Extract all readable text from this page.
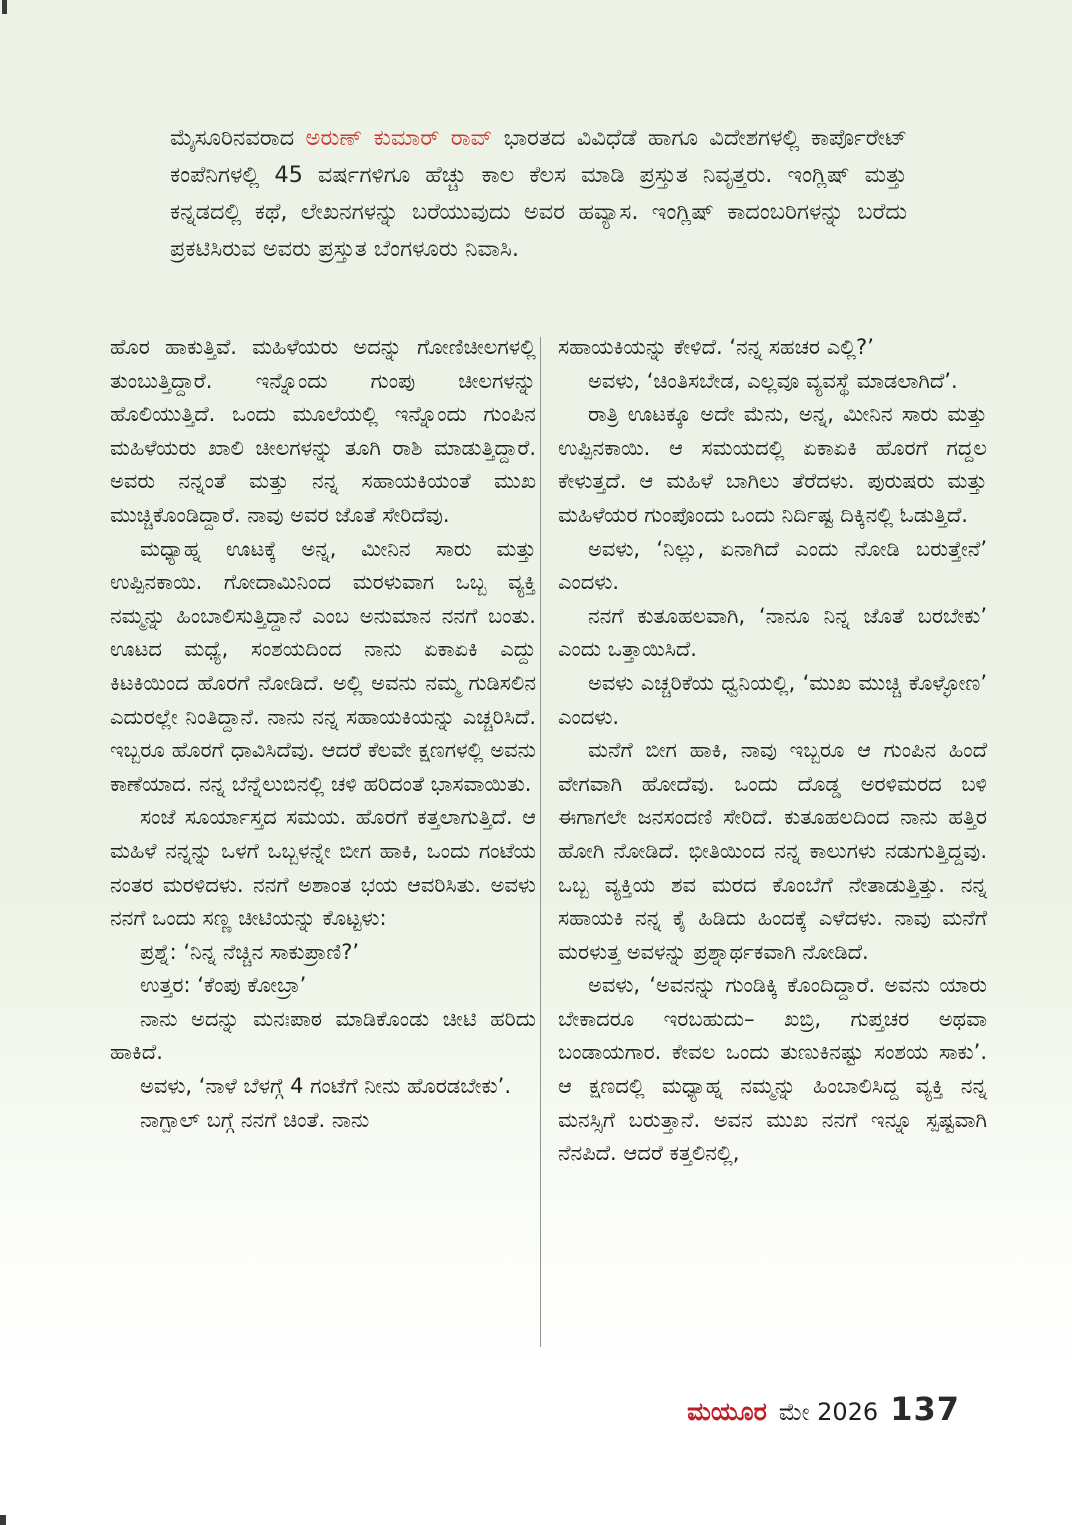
ಮೈಸೂರಿನವರಾದ ಅರುಣ್ ಕುಮಾರ್ ರಾವ್ ಭಾರತದ ವಿವಿಧೆಡೆ ಹಾಗೂ ವಿದೇಶಗಳಲ್ಲಿ ಕಾರ್ಪೊರೇಟ್ ಕಂಪೆನಿಗಳಲ್ಲಿ 45 ವರ್ಷಗಳಿಗೂ ಹೆಚ್ಚು ಕಾಲ ಕೆಲಸ ಮಾಡಿ ಪ್ರಸ್ತುತ ನಿವೃತ್ತರು. ಇಂಗ್ಲಿಷ್ ಮತ್ತು ಕನ್ನಡದಲ್ಲಿ ಕಥೆ, ಲೇಖನಗಳನ್ನು ಬರೆಯುವುದು ಅವರ ಹವ್ಯಾಸ. ಇಂಗ್ಲಿಷ್ ಕಾದಂಬರಿಗಳನ್ನು ಬರೆದು ಪ್ರಕಟಿಸಿರುವ ಅವರು ಪ್ರಸ್ತುತ ಬೆಂಗಳೂರು ನಿವಾಸಿ.

ಹೊರ ಹಾಕುತ್ತಿವೆ. ಮಹಿಳೆಯರು ಅದನ್ನು ಗೋಣಿಚೀಲಗಳಲ್ಲಿ ತುಂಬುತ್ತಿದ್ದಾರೆ. ಇನ್ನೊಂದು ಗುಂಪು ಚೀಲಗಳನ್ನು ಹೊಲಿಯುತ್ತಿದೆ. ಒಂದು ಮೂಲೆಯಲ್ಲಿ ಇನ್ನೊಂದು ಗುಂಪಿನ ಮಹಿಳೆಯರು ಖಾಲಿ ಚೀಲಗಳನ್ನು ತೂಗಿ ರಾಶಿ ಮಾಡುತ್ತಿದ್ದಾರೆ. ಅವರು ನನ್ನಂತೆ ಮತ್ತು ನನ್ನ ಸಹಾಯಕಿಯಂತೆ ಮುಖ ಮುಚ್ಚಿಕೊಂಡಿದ್ದಾರೆ. ನಾವು ಅವರ ಜೊತೆ ಸೇರಿದೆವು.

ಮಧ್ಯಾಹ್ನ ಊಟಕ್ಕೆ ಅನ್ನ, ಮೀನಿನ ಸಾರು ಮತ್ತು ಉಪ್ಪಿನಕಾಯಿ. ಗೋದಾಮಿನಿಂದ ಮರಳುವಾಗ ಒಬ್ಬ ವ್ಯಕ್ತಿ ನಮ್ಮನ್ನು ಹಿಂಬಾಲಿಸುತ್ತಿದ್ದಾನೆ ಎಂಬ ಅನುಮಾನ ನನಗೆ ಬಂತು. ಊಟದ ಮಧ್ಯೆ, ಸಂಶಯದಿಂದ ನಾನು ಏಕಾಏಕಿ ಎದ್ದು ಕಿಟಕಿಯಿಂದ ಹೊರಗೆ ನೋಡಿದೆ. ಅಲ್ಲಿ ಅವನು ನಮ್ಮ ಗುಡಿಸಲಿನ ಎದುರಲ್ಲೇ ನಿಂತಿದ್ದಾನೆ. ನಾನು ನನ್ನ ಸಹಾಯಕಿಯನ್ನು ಎಚ್ಚರಿಸಿದೆ. ಇಬ್ಬರೂ ಹೊರಗೆ ಧಾವಿಸಿದೆವು. ಆದರೆ ಕೆಲವೇ ಕ್ಷಣಗಳಲ್ಲಿ ಅವನು ಕಾಣೆಯಾದ. ನನ್ನ ಬೆನ್ನೆಲುಬಿನಲ್ಲಿ ಚಳಿ ಹರಿದಂತೆ ಭಾಸವಾಯಿತು.

ಸಂಜೆ ಸೂರ್ಯಾಸ್ತದ ಸಮಯ. ಹೊರಗೆ ಕತ್ತಲಾಗುತ್ತಿದೆ. ಆ ಮಹಿಳೆ ನನ್ನನ್ನು ಒಳಗೆ ಒಬ್ಬಳನ್ನೇ ಬೀಗ ಹಾಕಿ, ಒಂದು ಗಂಟೆಯ ನಂತರ ಮರಳಿದಳು. ನನಗೆ ಅಶಾಂತ ಭಯ ಆವರಿಸಿತು. ಅವಳು ನನಗೆ ಒಂದು ಸಣ್ಣ ಚೀಟಿಯನ್ನು ಕೊಟ್ಟಳು:

ಪ್ರಶ್ನೆ: ‘ನಿನ್ನ ನೆಚ್ಚಿನ ಸಾಕುಪ್ರಾಣಿ?’

ಉತ್ತರ: ‘ಕೆಂಪು ಕೋಬ್ರಾ’

ನಾನು ಅದನ್ನು ಮನಃಪಾಠ ಮಾಡಿಕೊಂಡು ಚೀಟಿ ಹರಿದು ಹಾಕಿದೆ.

ಅವಳು, ‘ನಾಳೆ ಬೆಳಗ್ಗೆ 4 ಗಂಟೆಗೆ ನೀನು ಹೊರಡಬೇಕು’.

ನಾಗ್ಪಾಲ್ ಬಗ್ಗೆ ನನಗೆ ಚಿಂತೆ. ನಾನು

ಸಹಾಯಕಿಯನ್ನು ಕೇಳಿದೆ. ‘ನನ್ನ ಸಹಚರ ಎಲ್ಲಿ?’

ಅವಳು, ‘ಚಿಂತಿಸಬೇಡ, ಎಲ್ಲವೂ ವ್ಯವಸ್ಥೆ ಮಾಡಲಾಗಿದೆ’.

ರಾತ್ರಿ ಊಟಕ್ಕೂ ಅದೇ ಮೆನು, ಅನ್ನ, ಮೀನಿನ ಸಾರು ಮತ್ತು ಉಪ್ಪಿನಕಾಯಿ. ಆ ಸಮಯದಲ್ಲಿ ಏಕಾಏಕಿ ಹೊರಗೆ ಗದ್ದಲ ಕೇಳುತ್ತದೆ. ಆ ಮಹಿಳೆ ಬಾಗಿಲು ತೆರೆದಳು. ಪುರುಷರು ಮತ್ತು ಮಹಿಳೆಯರ ಗುಂಪೊಂದು ಒಂದು ನಿರ್ದಿಷ್ಟ ದಿಕ್ಕಿನಲ್ಲಿ ಓಡುತ್ತಿದೆ.

ಅವಳು, ‘ನಿಲ್ಲು, ಏನಾಗಿದೆ ಎಂದು ನೋಡಿ ಬರುತ್ತೇನೆ’ ಎಂದಳು.

ನನಗೆ ಕುತೂಹಲವಾಗಿ, ‘ನಾನೂ ನಿನ್ನ ಜೊತೆ ಬರಬೇಕು’ ಎಂದು ಒತ್ತಾಯಿಸಿದೆ.

ಅವಳು ಎಚ್ಚರಿಕೆಯ ಧ್ವನಿಯಲ್ಲಿ, ‘ಮುಖ ಮುಚ್ಚಿ ಕೊಳ್ಳೋಣ’ ಎಂದಳು.

ಮನೆಗೆ ಬೀಗ ಹಾಕಿ, ನಾವು ಇಬ್ಬರೂ ಆ ಗುಂಪಿನ ಹಿಂದೆ ವೇಗವಾಗಿ ಹೋದೆವು. ಒಂದು ದೊಡ್ಡ ಅರಳಿಮರದ ಬಳಿ ಈಗಾಗಲೇ ಜನಸಂದಣಿ ಸೇರಿದೆ. ಕುತೂಹಲದಿಂದ ನಾನು ಹತ್ತಿರ ಹೋಗಿ ನೋಡಿದೆ. ಭೀತಿಯಿಂದ ನನ್ನ ಕಾಲುಗಳು ನಡುಗುತ್ತಿದ್ದವು. ಒಬ್ಬ ವ್ಯಕ್ತಿಯ ಶವ ಮರದ ಕೊಂಬೆಗೆ ನೇತಾಡುತ್ತಿತ್ತು. ನನ್ನ ಸಹಾಯಕಿ ನನ್ನ ಕೈ ಹಿಡಿದು ಹಿಂದಕ್ಕೆ ಎಳೆದಳು. ನಾವು ಮನೆಗೆ ಮರಳುತ್ತ ಅವಳನ್ನು ಪ್ರಶ್ನಾರ್ಥಕವಾಗಿ ನೋಡಿದೆ.

ಅವಳು, ‘ಅವನನ್ನು ಗುಂಡಿಕ್ಕಿ ಕೊಂದಿದ್ದಾರೆ. ಅವನು ಯಾರು ಬೇಕಾದರೂ ಇರಬಹುದು– ಖಬ್ರಿ, ಗುಪ್ತಚರ ಅಥವಾ ಬಂಡಾಯಗಾರ. ಕೇವಲ ಒಂದು ತುಣುಕಿನಷ್ಟು ಸಂಶಯ ಸಾಕು’. ಆ ಕ್ಷಣದಲ್ಲಿ ಮಧ್ಯಾಹ್ನ ನಮ್ಮನ್ನು ಹಿಂಬಾಲಿಸಿದ್ದ ವ್ಯಕ್ತಿ ನನ್ನ ಮನಸ್ಸಿಗೆ ಬರುತ್ತಾನೆ. ಅವನ ಮುಖ ನನಗೆ ಇನ್ನೂ ಸ್ಪಷ್ಟವಾಗಿ ನೆನಪಿದೆ. ಆದರೆ ಕತ್ತಲಿನಲ್ಲಿ,

ಮಯೂರ ಮೇ 2026 137
